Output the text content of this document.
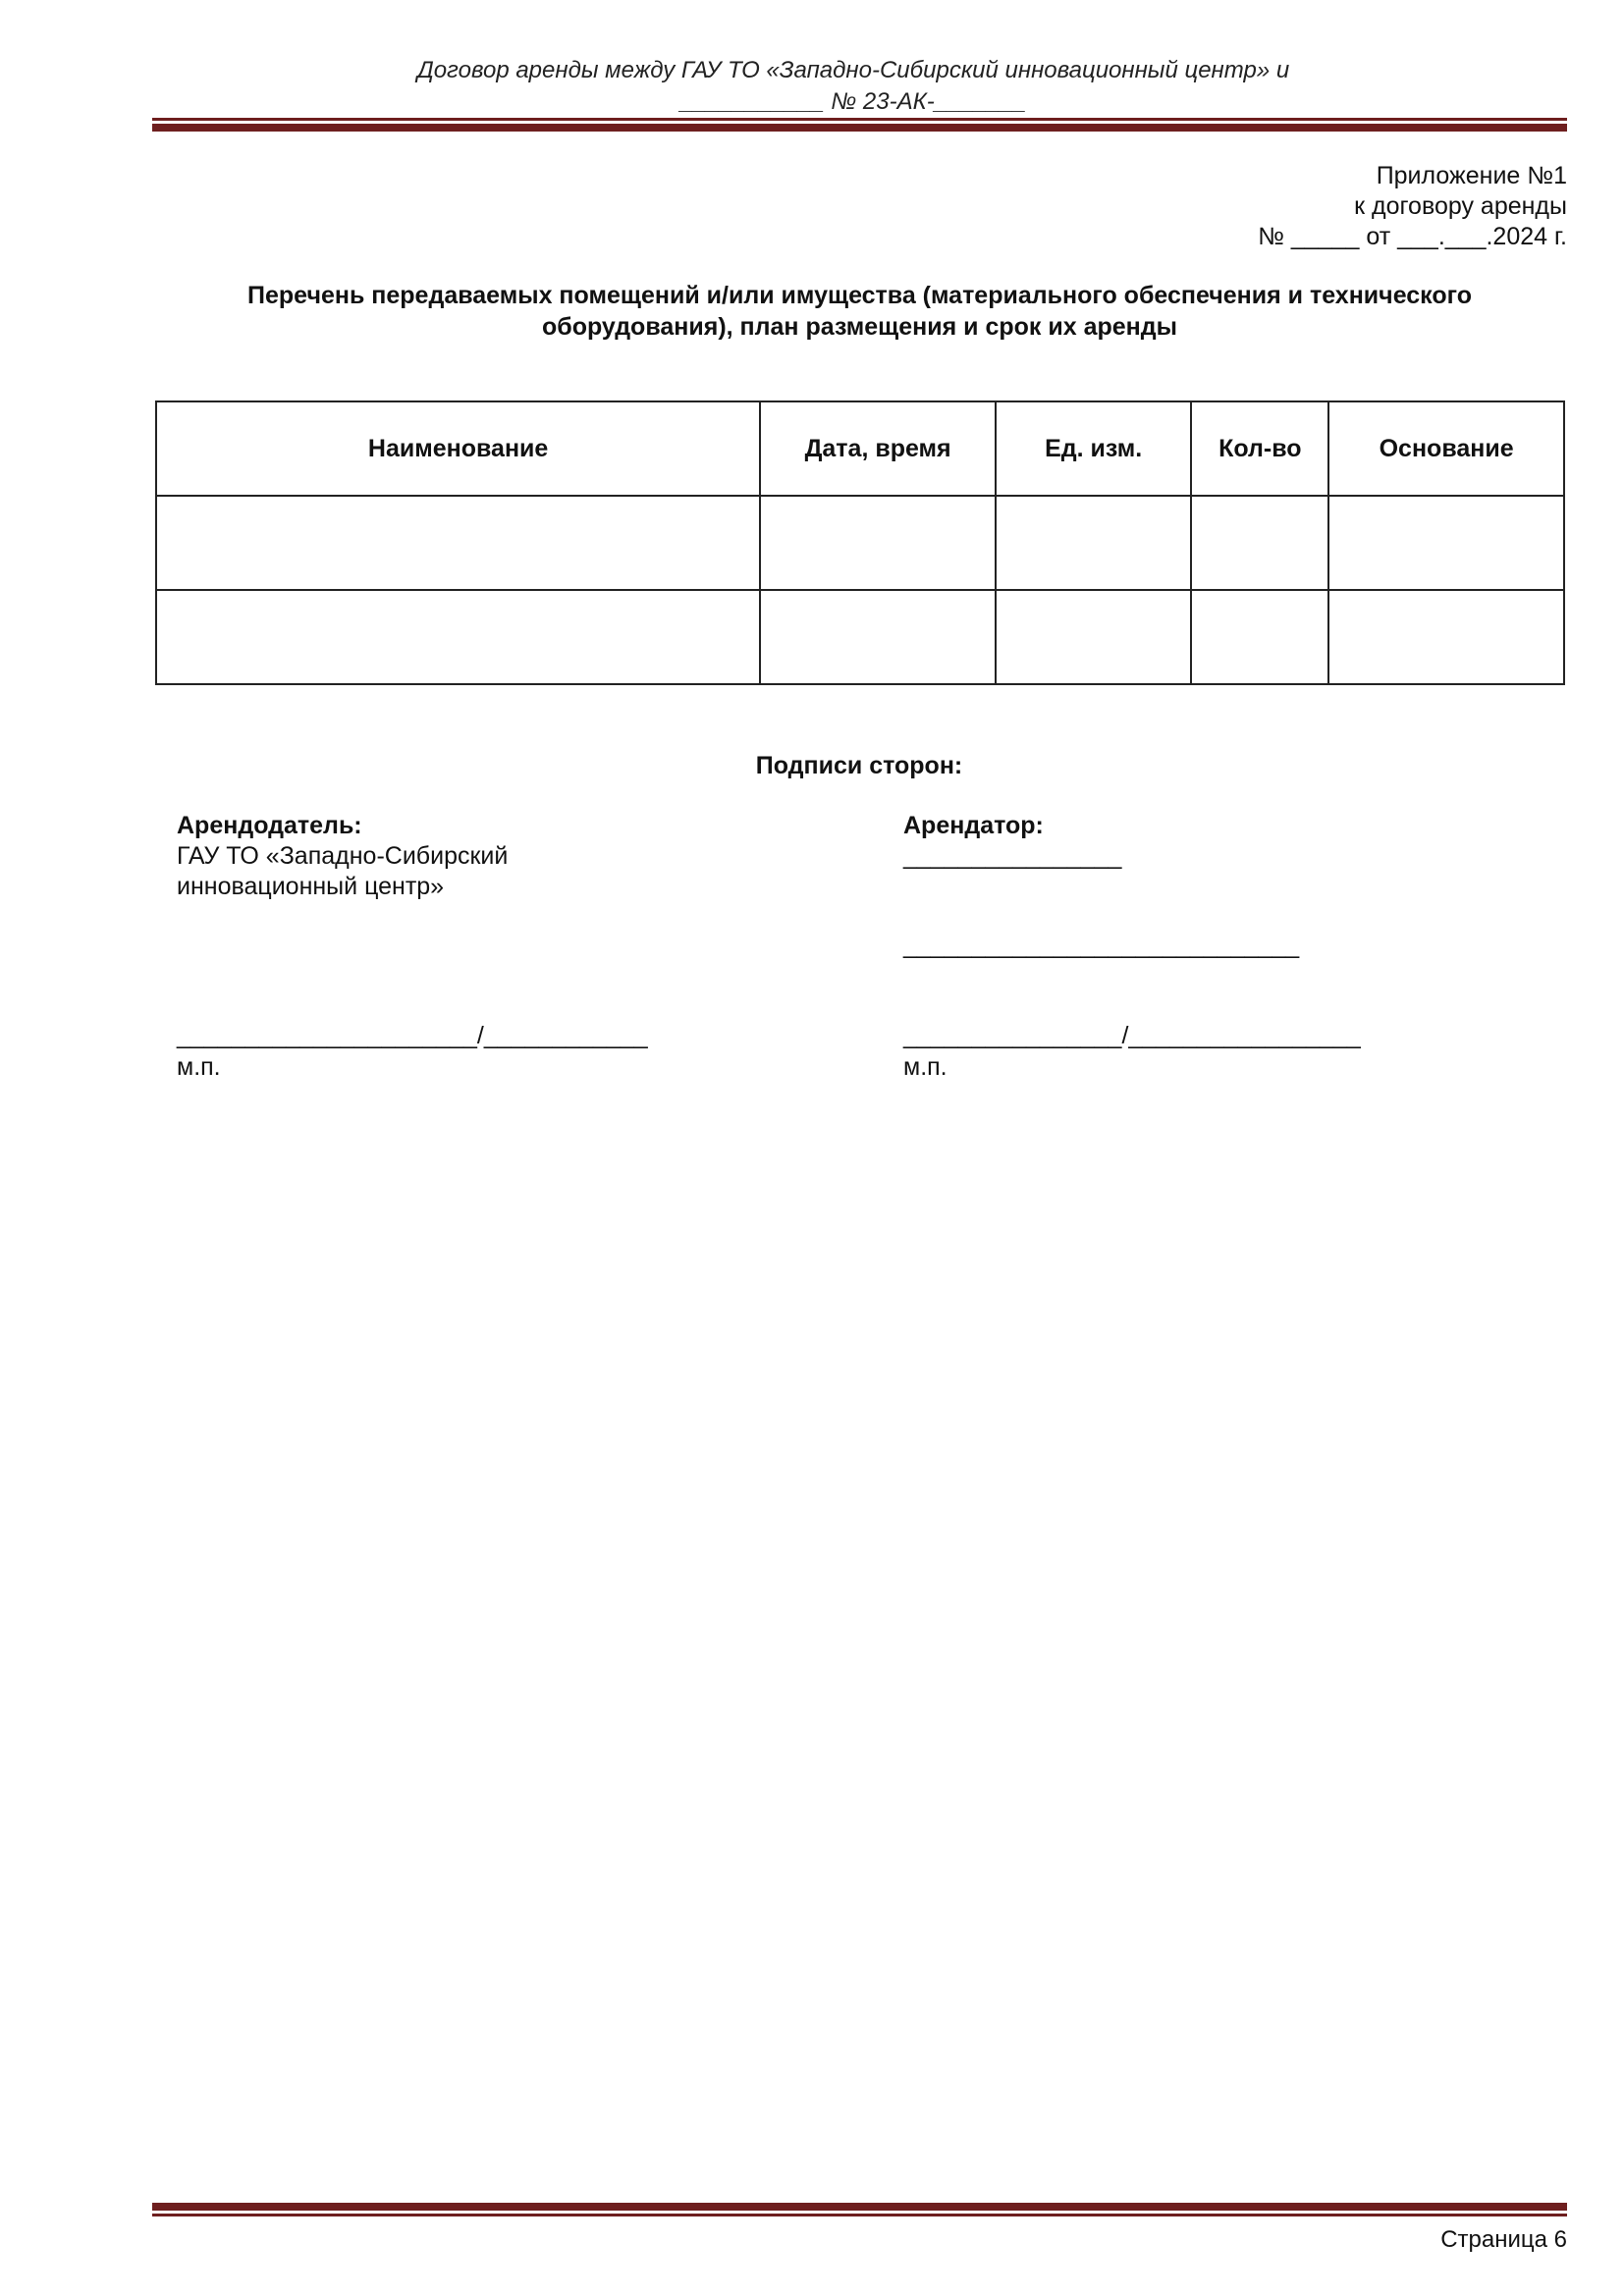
Договор аренды между ГАУ ТО «Западно-Сибирский инновационный центр» и
___________ № 23-АК-_______
Приложение №1
к договору аренды
№ _____ от ___.___.2024 г.
Перечень передаваемых помещений и/или имущества (материального обеспечения и технического
оборудования), план размещения и срок их аренды
Наименование	Дата, время	Ед. изм.	Кол-во	Основание

Подписи сторон:
Арендодатель:
ГАУ ТО «Западно-Сибирский
инновационный центр»
Арендатор:
________________
_____________________________
______________________/____________
м.п.
________________/_________________
м.п.
Страница 6
